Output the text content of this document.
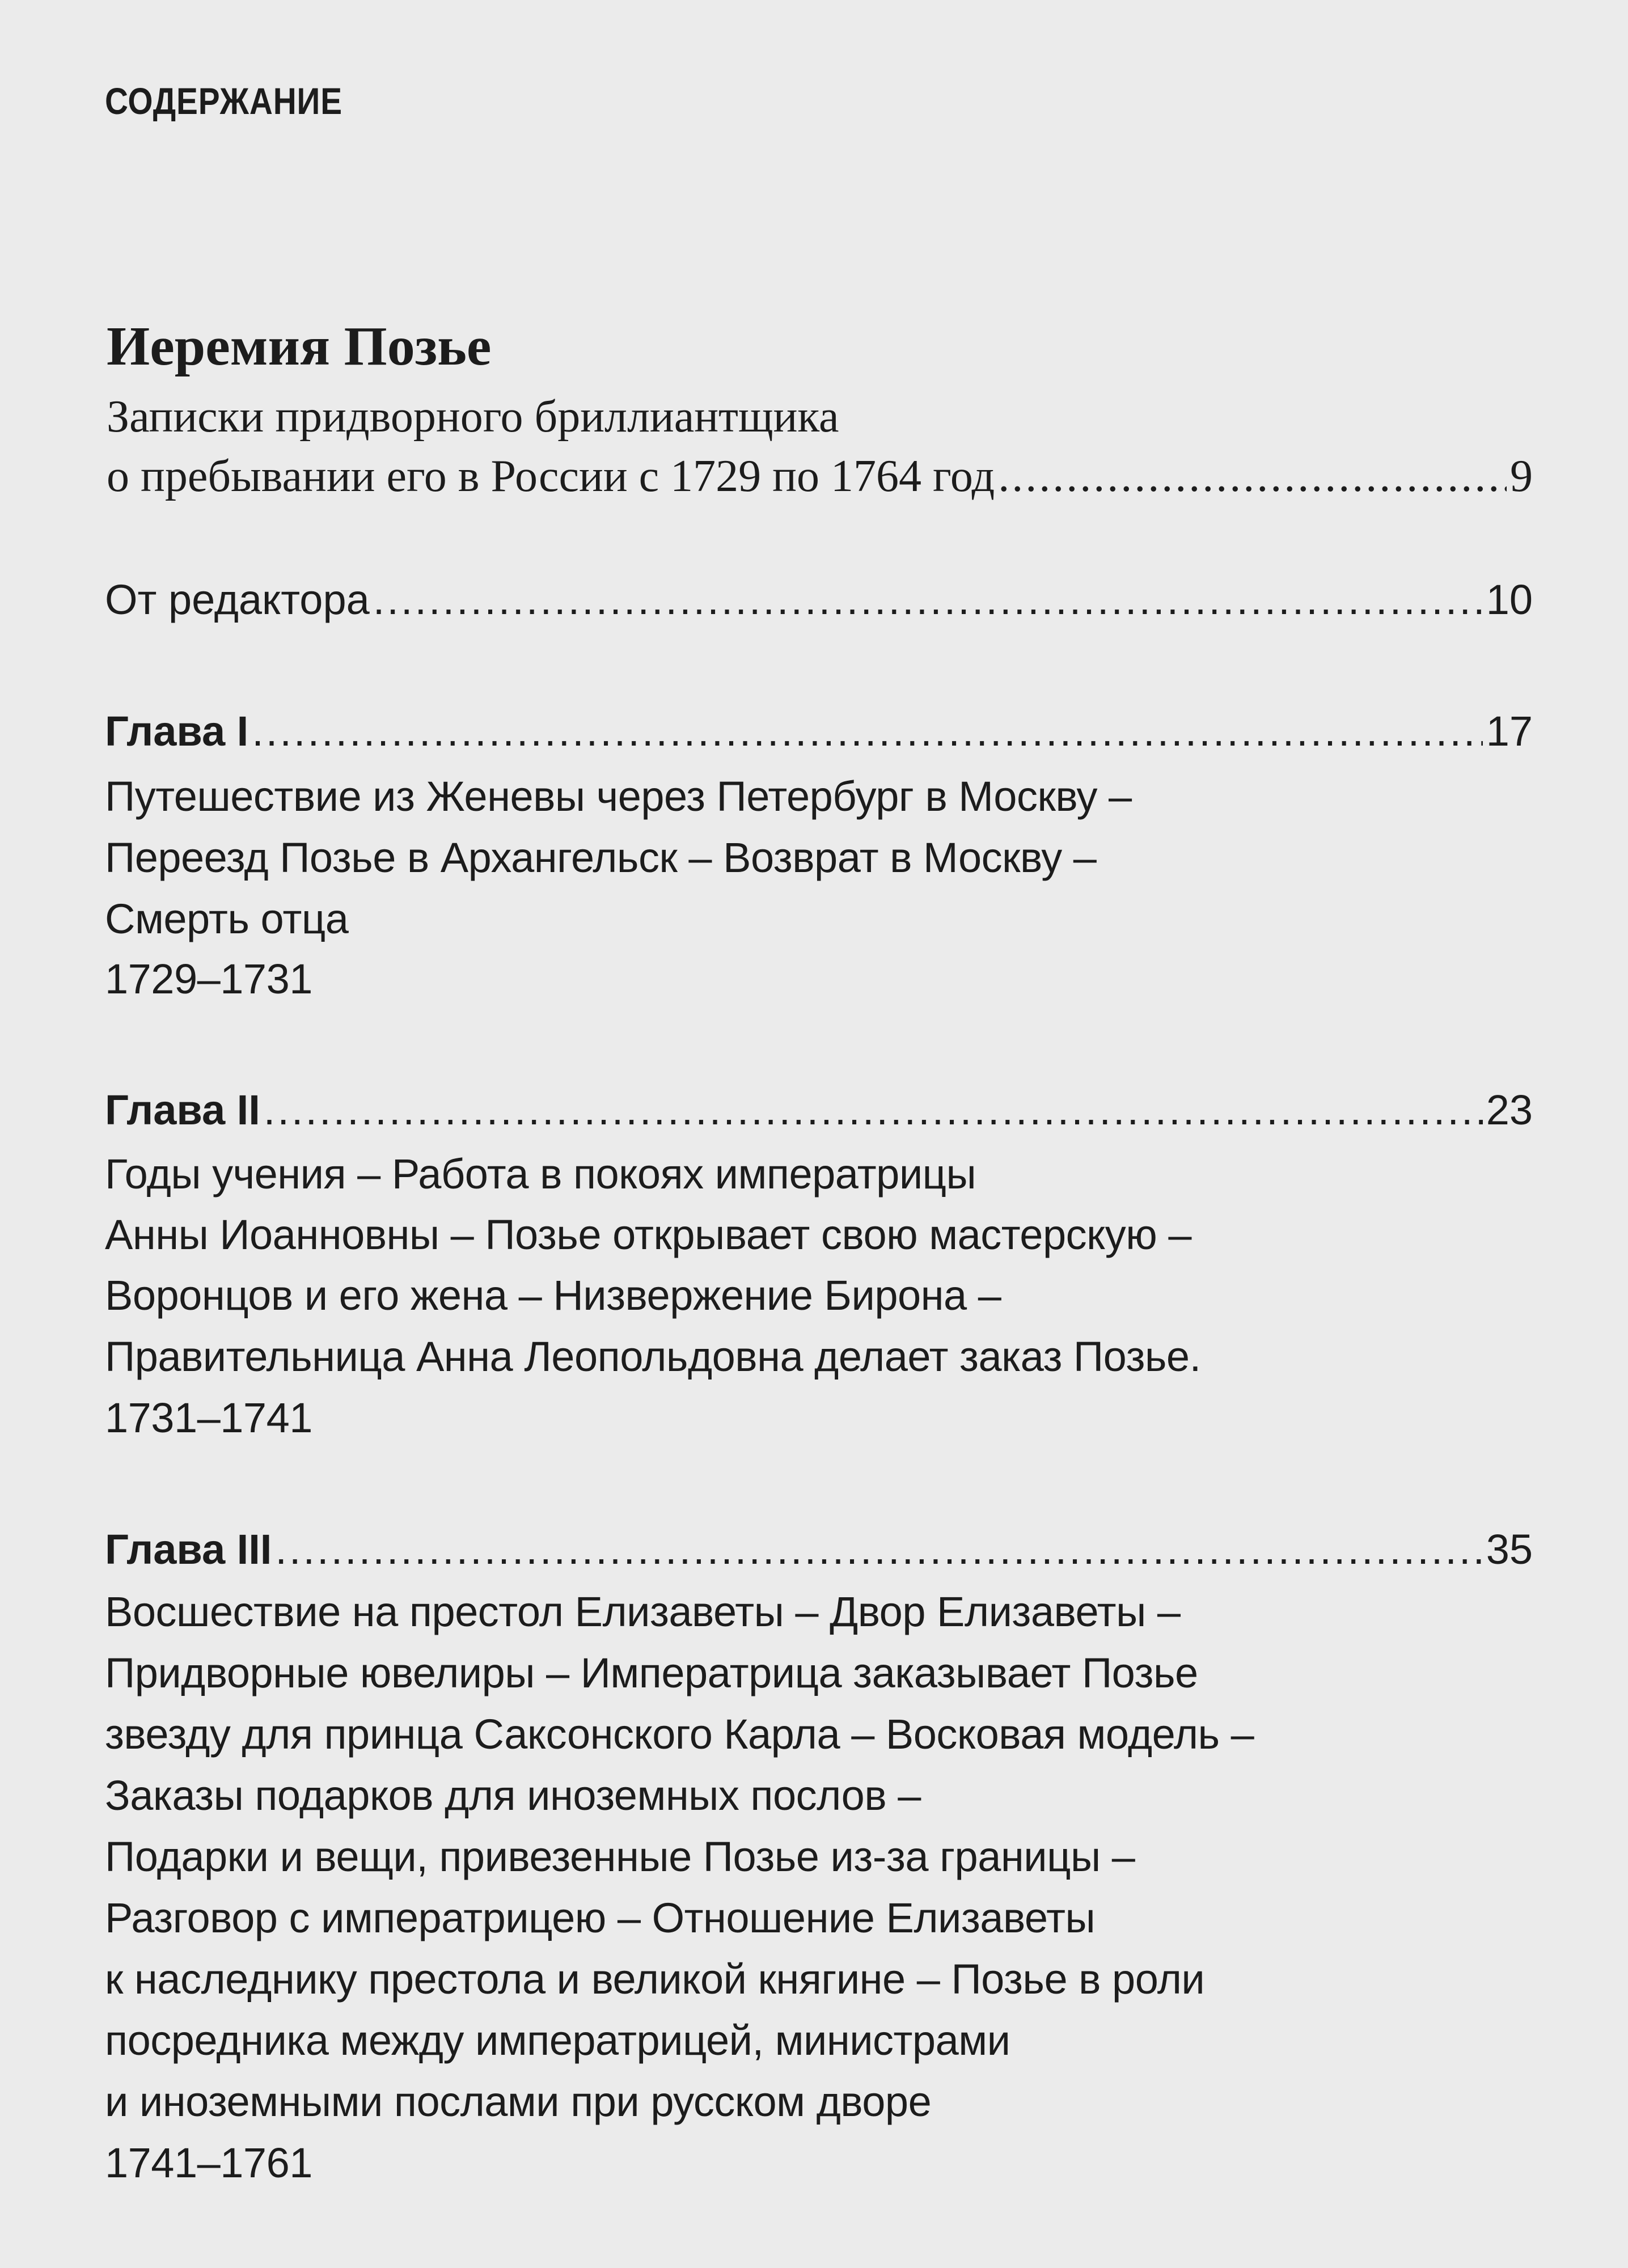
СОДЕРЖАНИЕ
Иеремия Позье
Записки придворного бриллиантщика
о пребывании его в России с 1729 по 1764 год .....	9
От редактора .....	10
Глава I .....	17
Путешествие из Женевы через Петербург в Москву –
Переезд Позье в Архангельск – Возврат в Москву –
Смерть отца
1729–1731
Глава II .....	23
Годы учения – Работа в покоях императрицы
Анны Иоанновны – Позье открывает свою мастерскую –
Воронцов и его жена – Низвержение Бирона –
Правительница Анна Леопольдовна делает заказ Позье.
1731–1741
Глава III .....	35
Восшествие на престол Елизаветы – Двор Елизаветы –
Придворные ювелиры – Императрица заказывает Позье
звезду для принца Саксонского Карла – Восковая модель –
Заказы подарков для иноземных послов –
Подарки и вещи, привезенные Позье из-за границы –
Разговор с императрицею – Отношение Елизаветы
к наследнику престола и великой княгине – Позье в роли
посредника между императрицей, министрами
и иноземными послами при русском дворе
1741–1761
